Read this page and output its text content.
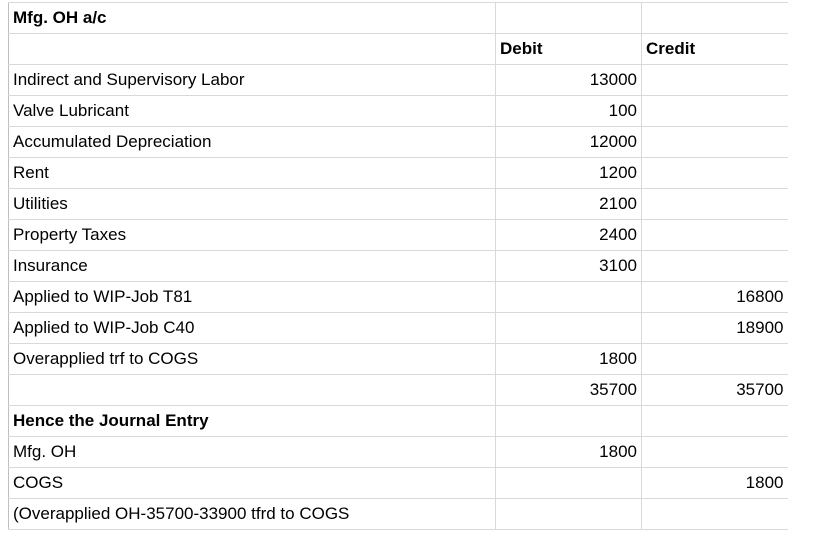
Mfg. OH a/c		
	Debit	Credit
Indirect and Supervisory Labor	13000	
Valve Lubricant	100	
Accumulated Depreciation	12000	
Rent	1200	
Utilities	2100	
Property Taxes	2400	
Insurance	3100	
Applied to WIP-Job T81		16800
Applied to WIP-Job C40		18900
Overapplied trf to COGS	1800	
	35700	35700
Hence the Journal Entry		
Mfg. OH	1800	
COGS		1800
(Overapplied OH-35700-33900 tfrd to COGS		
